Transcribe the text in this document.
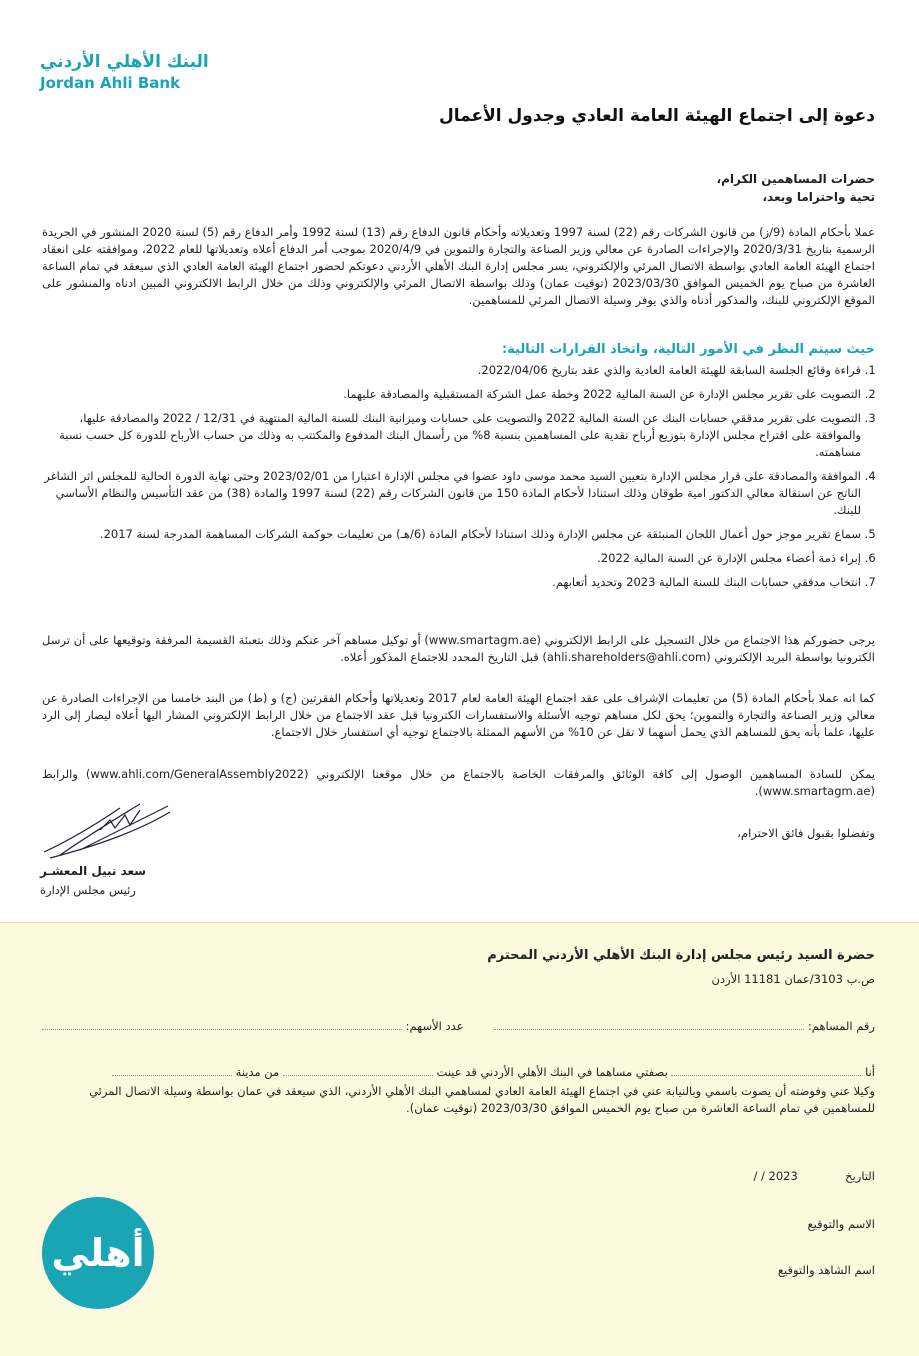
البنك الأهلي الأردني
Jordan Ahli Bank
دعوة إلى اجتماع الهيئة العامة العادي وجدول الأعمال
حضرات المساهمين الكرام،
تحية واحتراما وبعد،
عملا بأحكام المادة (9/ز) من قانون الشركات رقم (22) لسنة 1997 وتعديلاته وأحكام قانون الدفاع رقم (13) لسنة 1992 وأمر الدفاع رقم (5) لسنة 2020 المنشور في الجريدة الرسمية بتاريخ 2020/3/31 والإجراءات الصادرة عن معالي وزير الصناعة والتجارة والتموين في 2020/4/9 بموجب أمر الدفاع أعلاه وتعديلاتها للعام 2022، وموافقته على انعقاد اجتماع الهيئة العامة العادي بواسطة الاتصال المرئي والإلكتروني، يسر مجلس إدارة البنك الأهلي الأردني دعوتكم لحضور اجتماع الهيئة العامة العادي الذي سيعقد في تمام الساعة العاشرة من صباح يوم الخميس الموافق 2023/03/30 (توقيت عمان) وذلك بواسطة الاتصال المرئي والإلكتروني وذلك من خلال الرابط الالكتروني المبين ادناه والمنشور على الموقع الإلكتروني للبنك، والمذكور أدناه والذي يوفر وسيلة الاتصال المرئي للمساهمين.
حيث سيتم النظر في الأمور التالية، واتخاذ القرارات التالية:
1. قراءة وقائع الجلسة السابقة للهيئة العامة العادية والذي عقد بتاريخ 2022/04/06.
2. التصويت على تقرير مجلس الإدارة عن السنة المالية 2022 وخطة عمل الشركة المستقبلية والمصادقة عليهما.
3. التصويت على تقرير مدققي حسابات البنك عن السنة المالية 2022 والتصويت على حسابات وميزانية البنك للسنة المالية المنتهية في 12/31 / 2022 والمصادقة عليها، والموافقة على اقتراح مجلس الإدارة بتوزيع أرباح نقدية على المساهمين بنسبة 8% من رأسمال البنك المدفوع والمكتتب به وذلك من حساب الأرباح للدورة كل حسب نسبة مساهمته.
4. الموافقة والمصادقة على قرار مجلس الإدارة بتعيين السيد محمد موسى داود عضوا في مجلس الإدارة اعتبارا من 2023/02/01 وحتى نهاية الدورة الحالية للمجلس اثر الشاغر الناتج عن استقالة معالي الدكتور امية طوقان وذلك استنادا لأحكام المادة 150 من قانون الشركات رقم (22) لسنة 1997 والمادة (38) من عقد التأسيس والنظام الأساسي للبنك.
5. سماع تقرير موجز حول أعمال اللجان المنبثقة عن مجلس الإدارة وذلك استنادا لأحكام المادة (6/هـ) من تعليمات حوكمة الشركات المساهمة المدرجة لسنة 2017.
6. إبراء ذمة أعضاء مجلس الإدارة عن السنة المالية 2022.
7. انتخاب مدققي حسابات البنك للسنة المالية 2023 وتحديد أتعابهم.
يرجى حضوركم هذا الاجتماع من خلال التسجيل على الرابط الإلكتروني (www.smartagm.ae) أو توكيل مساهم آخر عنكم وذلك بتعبئة القسيمة المرفقة وتوقيعها على أن ترسل الكترونيا بواسطة البريد الإلكتروني (ahli.shareholders@ahli.com) قبل التاريخ المحدد للاجتماع المذكور أعلاه.
كما انه عملا بأحكام المادة (5) من تعليمات الإشراف على عقد اجتماع الهيئة العامة لعام 2017 وتعديلاتها وأحكام الفقرتين (ج) و (ط) من البند خامسا من الإجراءات الصادرة عن معالي وزير الصناعة والتجارة والتموين؛ يحق لكل مساهم توجيه الأسئلة والاستفسارات الكترونيا قبل عقد الاجتماع من خلال الرابط الإلكتروني المشار اليها أعلاه ليصار إلى الرد عليها، علما بأنه يحق للمساهم الذي يحمل أسهما لا تقل عن 10% من الأسهم الممثلة بالاجتماع توجيه أي استفسار خلال الاجتماع.
يمكن للسادة المساهمين الوصول إلى كافة الوثائق والمرفقات الخاصة بالاجتماع من خلال موقعنا الإلكتروني (www.ahli.com/GeneralAssembly2022) والرابط (www.smartagm.ae).
وتفضلوا بقبول فائق الاحترام،
سعد نبيل المعشـر
رئيس مجلس الإدارة
حضرة السيد رئيس مجلس إدارة البنك الأهلي الأردني المحترم
ص.ب 3103/عمان 11181 الأردن
رقم المساهم:
عدد الأسهم:
أنا  بصفتي مساهما في البنك الأهلي الأردني قد عينت  من مدينة
وكيلا عني وفوضته أن يصوت باسمي وبالنيابة عني في اجتماع الهيئة العامة العادي لمساهمي البنك الأهلي الأردني، الذي سيعقد في عمان بواسطة وسيلة الاتصال المرئي للمساهمين في تمام الساعة العاشرة من صباح يوم الخميس الموافق 2023/03/30 (توقيت عمان).
التاريخ  2023 / /
الاسم والتوقيع
اسم الشاهد والتوقيع
أهلي
